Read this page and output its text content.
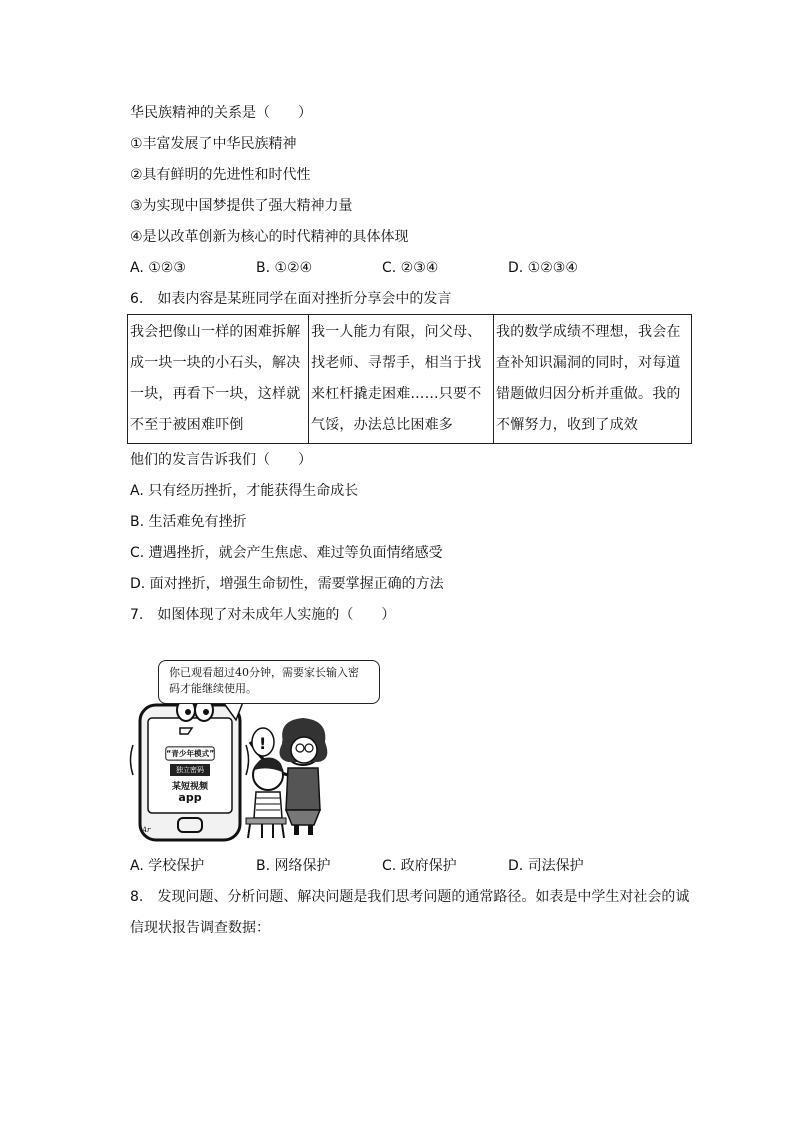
华民族精神的关系是（　　）
①丰富发展了中华民族精神
②具有鲜明的先进性和时代性
③为实现中国梦提供了强大精神力量
④是以改革创新为核心的时代精神的具体体现
A. ①②③	B. ①②④	C. ②③④	D. ①②③④
6.　如表内容是某班同学在面对挫折分享会中的发言
我会把像山一样的困难拆解成一块一块的小石头，解决一块，再看下一块，这样就不至于被困难吓倒	我一人能力有限，问父母、找老师、寻帮手，相当于找来杠杆撬走困难……只要不气馁，办法总比困难多	我的数学成绩不理想，我会在查补知识漏洞的同时，对每道错题做归因分析并重做。我的不懈努力，收到了成效
他们的发言告诉我们（　　）
A. 只有经历挫折，才能获得生命成长
B. 生活难免有挫折
C. 遭遇挫折，就会产生焦虑、难过等负面情绪感受
D. 面对挫折，增强生命韧性，需要掌握正确的方法
7.　如图体现了对未成年人实施的（　　）
!
你已观看超过40分钟，需要家长输入密码才能继续使用。
“青少年模式”
独立密码
某短视频
app
Ar
A. 学校保护	B. 网络保护	C. 政府保护	D. 司法保护
8.　发现问题、分析问题、解决问题是我们思考问题的通常路径。如表是中学生对社会的诚
信现状报告调查数据：
